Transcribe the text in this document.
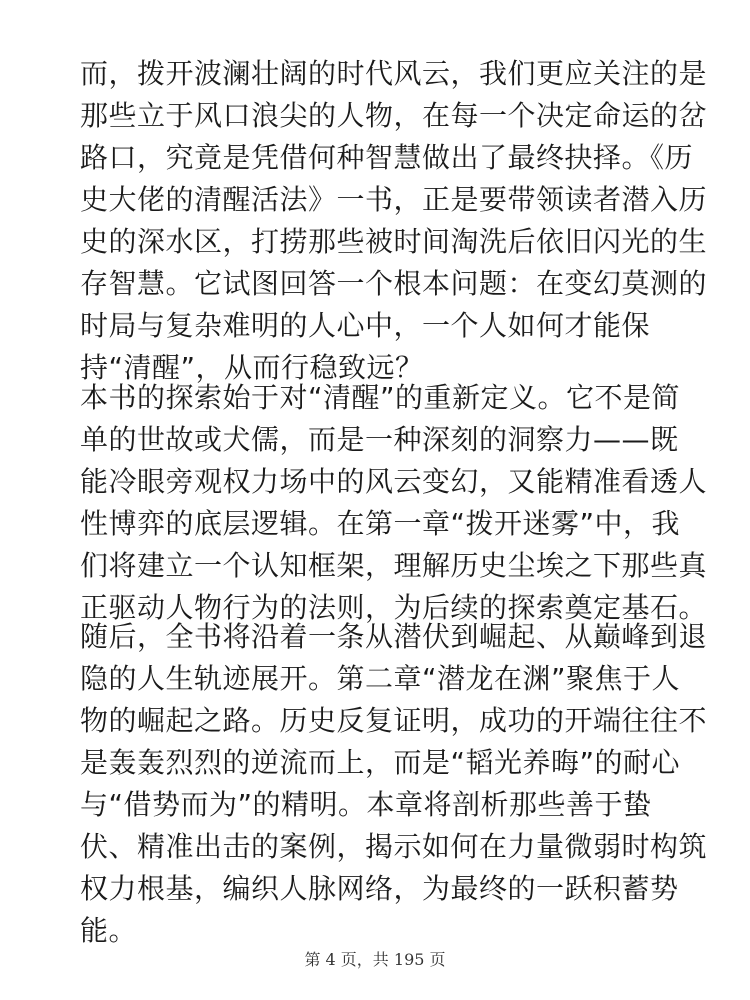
而，拨开波澜壮阔的时代风云，我们更应关注的是
那些立于风口浪尖的人物，在每一个决定命运的岔
路口，究竟是凭借何种智慧做出了最终抉择。《历
史大佬的清醒活法》一书，正是要带领读者潜入历
史的深水区，打捞那些被时间淘洗后依旧闪光的生
存智慧。它试图回答一个根本问题：在变幻莫测的
时局与复杂难明的人心中，一个人如何才能保
持“清醒”，从而行稳致远？
本书的探索始于对“清醒”的重新定义。它不是简
单的世故或犬儒，而是一种深刻的洞察力——既
能冷眼旁观权力场中的风云变幻，又能精准看透人
性博弈的底层逻辑。在第一章“拨开迷雾”中，我
们将建立一个认知框架，理解历史尘埃之下那些真
正驱动人物行为的法则，为后续的探索奠定基石。
随后，全书将沿着一条从潜伏到崛起、从巅峰到退
隐的人生轨迹展开。第二章“潜龙在渊”聚焦于人
物的崛起之路。历史反复证明，成功的开端往往不
是轰轰烈烈的逆流而上，而是“韬光养晦”的耐心
与“借势而为”的精明。本章将剖析那些善于蛰
伏、精准出击的案例，揭示如何在力量微弱时构筑
权力根基，编织人脉网络，为最终的一跃积蓄势
能。
第 4 页，共 195 页
